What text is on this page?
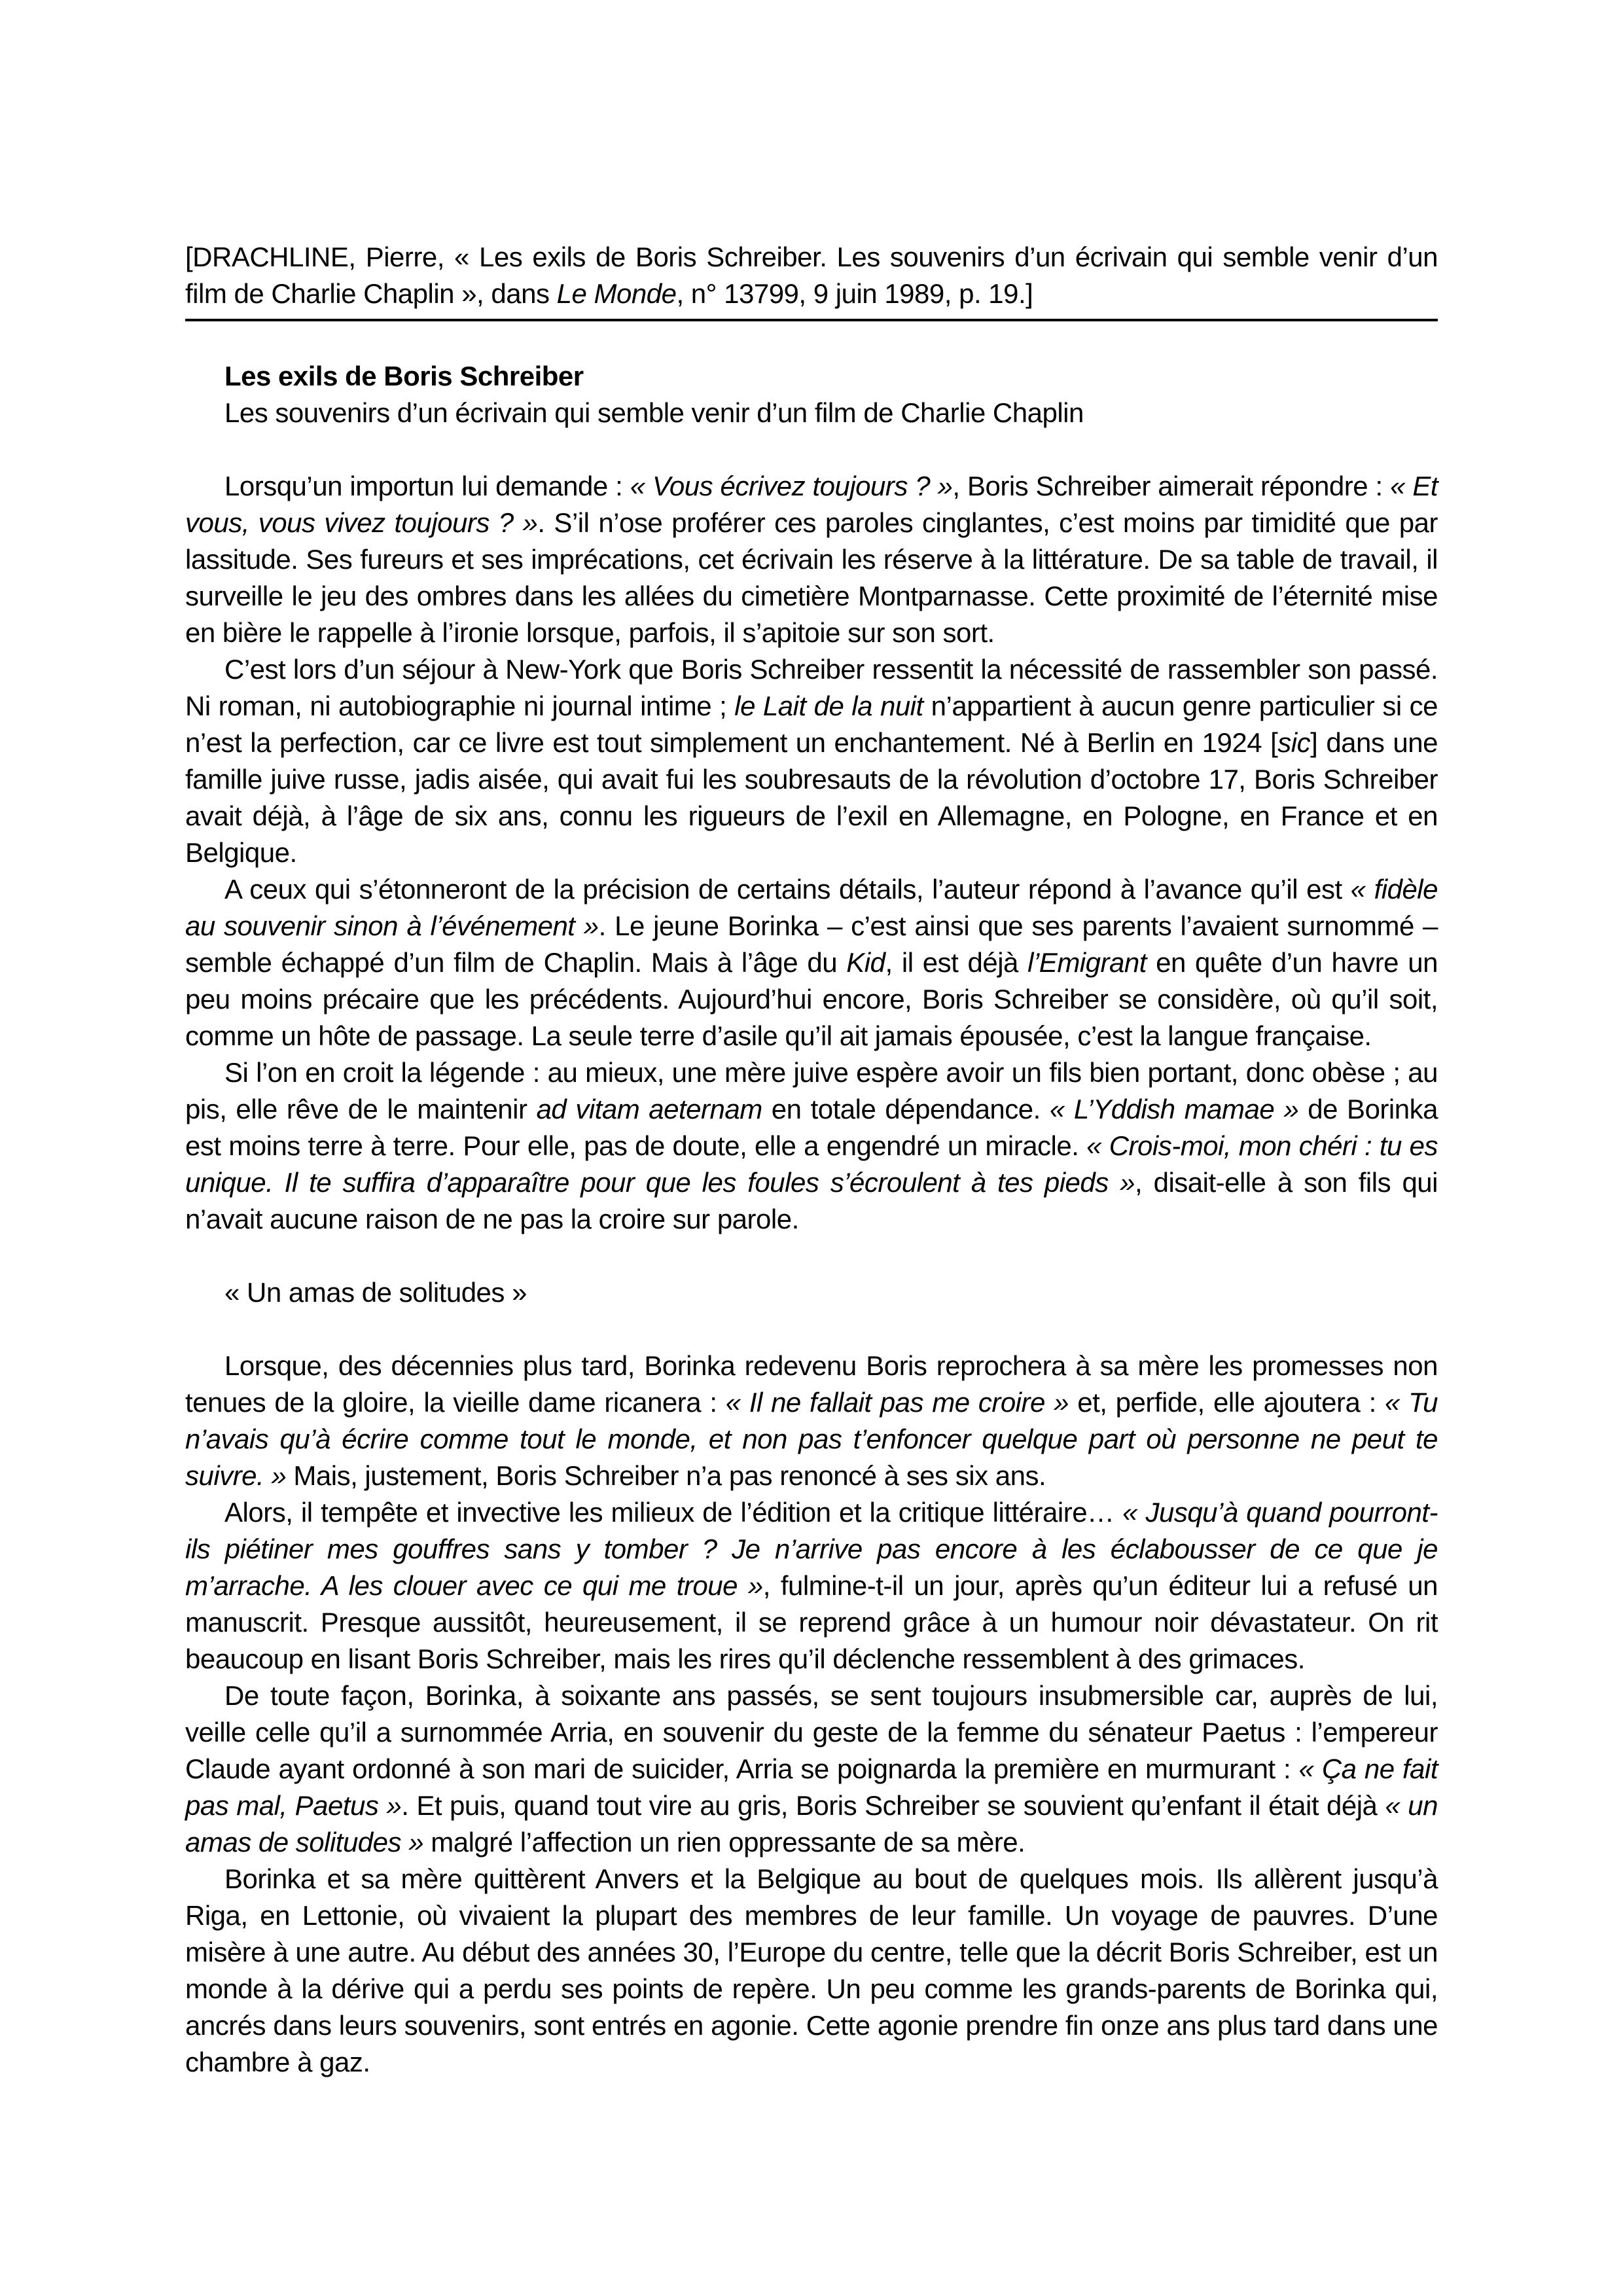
[DRACHLINE, Pierre, « Les exils de Boris Schreiber. Les souvenirs d’un écrivain qui semble venir d’un film de Charlie Chaplin », dans Le Monde, n° 13799, 9 juin 1989, p. 19.]

Les exils de Boris Schreiber

Les souvenirs d’un écrivain qui semble venir d’un film de Charlie Chaplin

Lorsqu’un importun lui demande : « Vous écrivez toujours ? », Boris Schreiber aimerait répondre : « Et vous, vous vivez toujours ? ». S’il n’ose proférer ces paroles cinglantes, c’est moins par timidité que par lassitude. Ses fureurs et ses imprécations, cet écrivain les réserve à la littérature. De sa table de travail, il surveille le jeu des ombres dans les allées du cimetière Montparnasse. Cette proximité de l’éternité mise en bière le rappelle à l’ironie lorsque, parfois, il s’apitoie sur son sort.

C’est lors d’un séjour à New-York que Boris Schreiber ressentit la nécessité de rassembler son passé. Ni roman, ni autobiographie ni journal intime ; le Lait de la nuit n’appartient à aucun genre particulier si ce n’est la perfection, car ce livre est tout simplement un enchantement. Né à Berlin en 1924 [sic] dans une famille juive russe, jadis aisée, qui avait fui les soubresauts de la révolution d’octobre 17, Boris Schreiber avait déjà, à l’âge de six ans, connu les rigueurs de l’exil en Allemagne, en Pologne, en France et en Belgique.

A ceux qui s’étonneront de la précision de certains détails, l’auteur répond à l’avance qu’il est « fidèle au souvenir sinon à l’événement ». Le jeune Borinka – c’est ainsi que ses parents l’avaient surnommé – semble échappé d’un film de Chaplin. Mais à l’âge du Kid, il est déjà l’Emigrant en quête d’un havre un peu moins précaire que les précédents. Aujourd’hui encore, Boris Schreiber se considère, où qu’il soit, comme un hôte de passage. La seule terre d’asile qu’il ait jamais épousée, c’est la langue française.

Si l’on en croit la légende : au mieux, une mère juive espère avoir un fils bien portant, donc obèse ; au pis, elle rêve de le maintenir ad vitam aeternam en totale dépendance. « L’Yddish mamae » de Borinka est moins terre à terre. Pour elle, pas de doute, elle a engendré un miracle. « Crois-moi, mon chéri : tu es unique. Il te suffira d’apparaître pour que les foules s’écroulent à tes pieds », disait-elle à son fils qui n’avait aucune raison de ne pas la croire sur parole.

« Un amas de solitudes »

Lorsque, des décennies plus tard, Borinka redevenu Boris reprochera à sa mère les promesses non tenues de la gloire, la vieille dame ricanera : « Il ne fallait pas me croire » et, perfide, elle ajoutera : « Tu n’avais qu’à écrire comme tout le monde, et non pas t’enfoncer quelque part où personne ne peut te suivre. » Mais, justement, Boris Schreiber n’a pas renoncé à ses six ans.

Alors, il tempête et invective les milieux de l’édition et la critique littéraire… « Jusqu’à quand pourront-ils piétiner mes gouffres sans y tomber ? Je n’arrive pas encore à les éclabousser de ce que je m’arrache. A les clouer avec ce qui me troue », fulmine-t-il un jour, après qu’un éditeur lui a refusé un manuscrit. Presque aussitôt, heureusement, il se reprend grâce à un humour noir dévastateur. On rit beaucoup en lisant Boris Schreiber, mais les rires qu’il déclenche ressemblent à des grimaces.

De toute façon, Borinka, à soixante ans passés, se sent toujours insubmersible car, auprès de lui, veille celle qu’il a surnommée Arria, en souvenir du geste de la femme du sénateur Paetus : l’empereur Claude ayant ordonné à son mari de suicider, Arria se poignarda la première en murmurant : « Ça ne fait pas mal, Paetus ». Et puis, quand tout vire au gris, Boris Schreiber se souvient qu’enfant il était déjà « un amas de solitudes » malgré l’affection un rien oppressante de sa mère.

Borinka et sa mère quittèrent Anvers et la Belgique au bout de quelques mois. Ils allèrent jusqu’à Riga, en Lettonie, où vivaient la plupart des membres de leur famille. Un voyage de pauvres. D’une misère à une autre. Au début des années 30, l’Europe du centre, telle que la décrit Boris Schreiber, est un monde à la dérive qui a perdu ses points de repère. Un peu comme les grands-parents de Borinka qui, ancrés dans leurs souvenirs, sont entrés en agonie. Cette agonie prendre fin onze ans plus tard dans une chambre à gaz.
